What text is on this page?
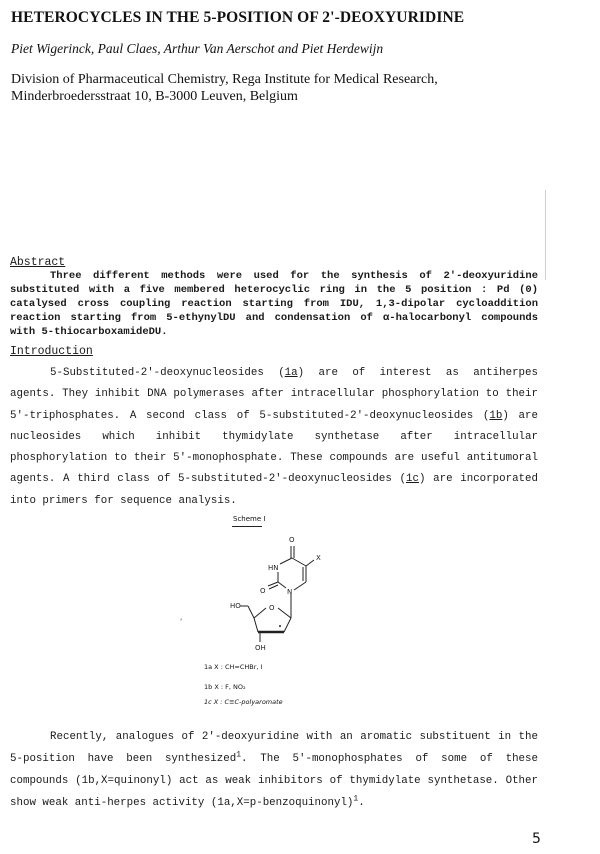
HETEROCYCLES IN THE 5-POSITION OF 2'-DEOXYURIDINE
Piet Wigerinck, Paul Claes, Arthur Van Aerschot and Piet Herdewijn
Division of Pharmaceutical Chemistry, Rega Institute for Medical Research,
Minderbroedersstraat 10, B-3000 Leuven, Belgium
Abstract

Three different methods were used for the synthesis of 2'-deoxyuridine substituted with a five membered heterocyclic ring in the 5 position : Pd (0) catalysed cross coupling reaction starting from IDU, 1,3-dipolar cycloaddition reaction starting from 5-ethynylDU and condensation of α-halocarbonyl compounds with 5-thiocarboxamideDU.

Introduction

5-Substituted-2'-deoxynucleosides (1a) are of interest as antiherpes agents. They inhibit DNA polymerases after intracellular phosphorylation to their 5'-triphosphates. A second class of 5-substituted-2'-deoxynucleosides (1b) are nucleosides which inhibit thymidylate synthetase after intracellular phosphorylation to their 5'-monophosphate. These compounds are useful antitumoral agents. A third class of 5-substituted-2'-deoxynucleosides (1c) are incorporated into primers for sequence analysis.

Scheme I
O
HN
X
O	N
HO	O
OH
ʹ
1a X : CH=CHBr, I
1b X : F, NO₂
1c X : C≡C-polyaromate

Recently, analogues of 2'-deoxyuridine with an aromatic substituent in the 5-position have been synthesized$^1$. The 5'-monophosphates of some of these compounds (1b,X=quinonyl) act as weak inhibitors of thymidylate synthetase. Other show weak anti-herpes activity (1a,X=p-benzoquinonyl)$^1$.

5
